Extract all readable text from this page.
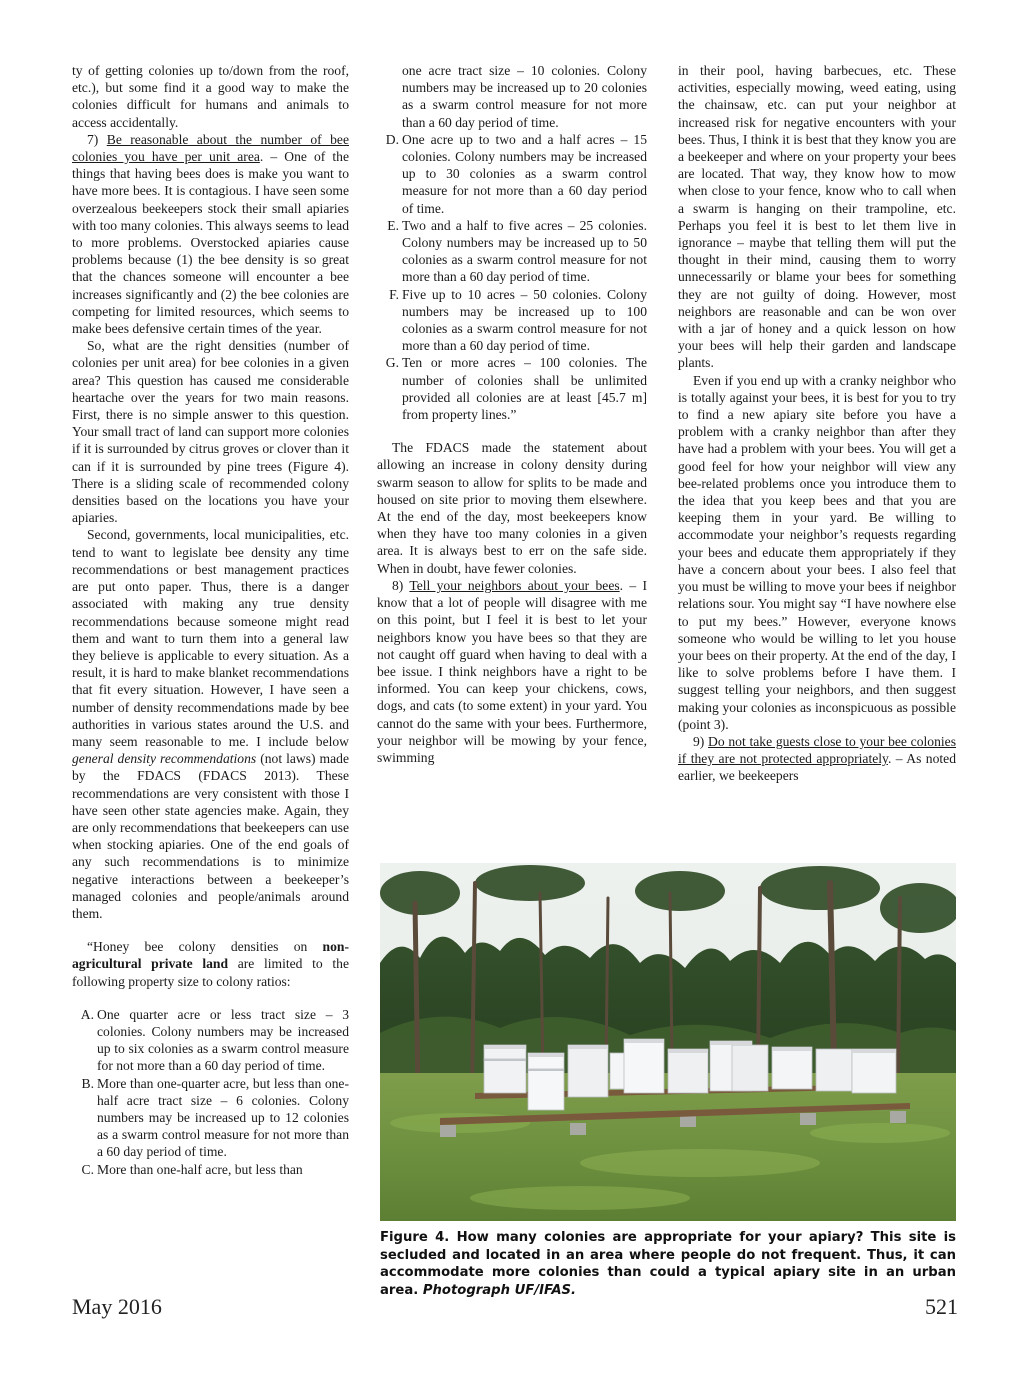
ty of getting colonies up to/down from the roof, etc.), but some find it a good way to make the colonies difficult for humans and animals to access accidentally.

7) Be reasonable about the number of bee colonies you have per unit area. – One of the things that having bees does is make you want to have more bees. It is contagious. I have seen some overzealous beekeepers stock their small apiaries with too many colonies. This always seems to lead to more problems. Overstocked apiaries cause problems because (1) the bee density is so great that the chances someone will encounter a bee increases significantly and (2) the bee colonies are competing for limited resources, which seems to make bees defensive certain times of the year.

So, what are the right densities (number of colonies per unit area) for bee colonies in a given area? This question has caused me considerable heartache over the years for two main reasons. First, there is no simple answer to this question. Your small tract of land can support more colonies if it is surrounded by citrus groves or clover than it can if it is surrounded by pine trees (Figure 4). There is a sliding scale of recommended colony densities based on the locations you have your apiaries.

Second, governments, local municipalities, etc. tend to want to legislate bee density any time recommendations or best management practices are put onto paper. Thus, there is a danger associated with making any true density recommendations because someone might read them and want to turn them into a general law they believe is applicable to every situation. As a result, it is hard to make blanket recommendations that fit every situation. However, I have seen a number of density recommendations made by bee authorities in various states around the U.S. and many seem reasonable to me. I include below general density recommendations (not laws) made by the FDACS (FDACS 2013). These recommendations are very consistent with those I have seen other state agencies make. Again, they are only recommendations that beekeepers can use when stocking apiaries. One of the end goals of any such recommendations is to minimize negative interactions between a beekeeper’s managed colonies and people/animals around them.

“Honey bee colony densities on non-agricultural private land are limited to the following property size to colony ratios:

A. One quarter acre or less tract size – 3 colonies. Colony numbers may be increased up to six colonies as a swarm control measure for not more than a 60 day period of time.
B. More than one-quarter acre, but less than one-half acre tract size – 6 colonies. Colony numbers may be increased up to 12 colonies as a swarm control measure for not more than a 60 day period of time.
C. More than one-half acre, but less than
one acre tract size – 10 colonies. Colony numbers may be increased up to 20 colonies as a swarm control measure for not more than a 60 day period of time.
D. One acre up to two and a half acres – 15 colonies. Colony numbers may be increased up to 30 colonies as a swarm control measure for not more than a 60 day period of time.
E. Two and a half to five acres – 25 colonies. Colony numbers may be increased up to 50 colonies as a swarm control measure for not more than a 60 day period of time.
F. Five up to 10 acres – 50 colonies. Colony numbers may be increased up to 100 colonies as a swarm control measure for not more than a 60 day period of time.
G. Ten or more acres – 100 colonies. The number of colonies shall be unlimited provided all colonies are at least [45.7 m] from property lines.”

The FDACS made the statement about allowing an increase in colony density during swarm season to allow for splits to be made and housed on site prior to moving them elsewhere. At the end of the day, most beekeepers know when they have too many colonies in a given area. It is always best to err on the safe side. When in doubt, have fewer colonies.

8) Tell your neighbors about your bees. – I know that a lot of people will disagree with me on this point, but I feel it is best to let your neighbors know you have bees so that they are not caught off guard when having to deal with a bee issue. I think neighbors have a right to be informed. You can keep your chickens, cows, dogs, and cats (to some extent) in your yard. You cannot do the same with your bees. Furthermore, your neighbor will be mowing by your fence, swimming

in their pool, having barbecues, etc. These activities, especially mowing, weed eating, using the chainsaw, etc. can put your neighbor at increased risk for negative encounters with your bees. Thus, I think it is best that they know you are a beekeeper and where on your property your bees are located. That way, they know how to mow when close to your fence, know who to call when a swarm is hanging on their trampoline, etc. Perhaps you feel it is best to let them live in ignorance – maybe that telling them will put the thought in their mind, causing them to worry unnecessarily or blame your bees for something they are not guilty of doing. However, most neighbors are reasonable and can be won over with a jar of honey and a quick lesson on how your bees will help their garden and landscape plants.

Even if you end up with a cranky neighbor who is totally against your bees, it is best for you to try to find a new apiary site before you have a problem with a cranky neighbor than after they have had a problem with your bees. You will get a good feel for how your neighbor will view any bee-related problems once you introduce them to the idea that you keep bees and that you are keeping them in your yard. Be willing to accommodate your neighbor’s requests regarding your bees and educate them appropriately if they have a concern about your bees. I also feel that you must be willing to move your bees if neighbor relations sour. You might say “I have nowhere else to put my bees.” However, everyone knows someone who would be willing to let you house your bees on their property. At the end of the day, I like to solve problems before I have them. I suggest telling your neighbors, and then suggest making your colonies as inconspicuous as possible (point 3).

9) Do not take guests close to your bee colonies if they are not protected appropriately. – As noted earlier, we beekeepers

Figure 4. How many colonies are appropriate for your apiary? This site is secluded and located in an area where people do not frequent. Thus, it can accommodate more colonies than could a typical apiary site in an urban area. Photograph UF/IFAS.
May 2016	521
